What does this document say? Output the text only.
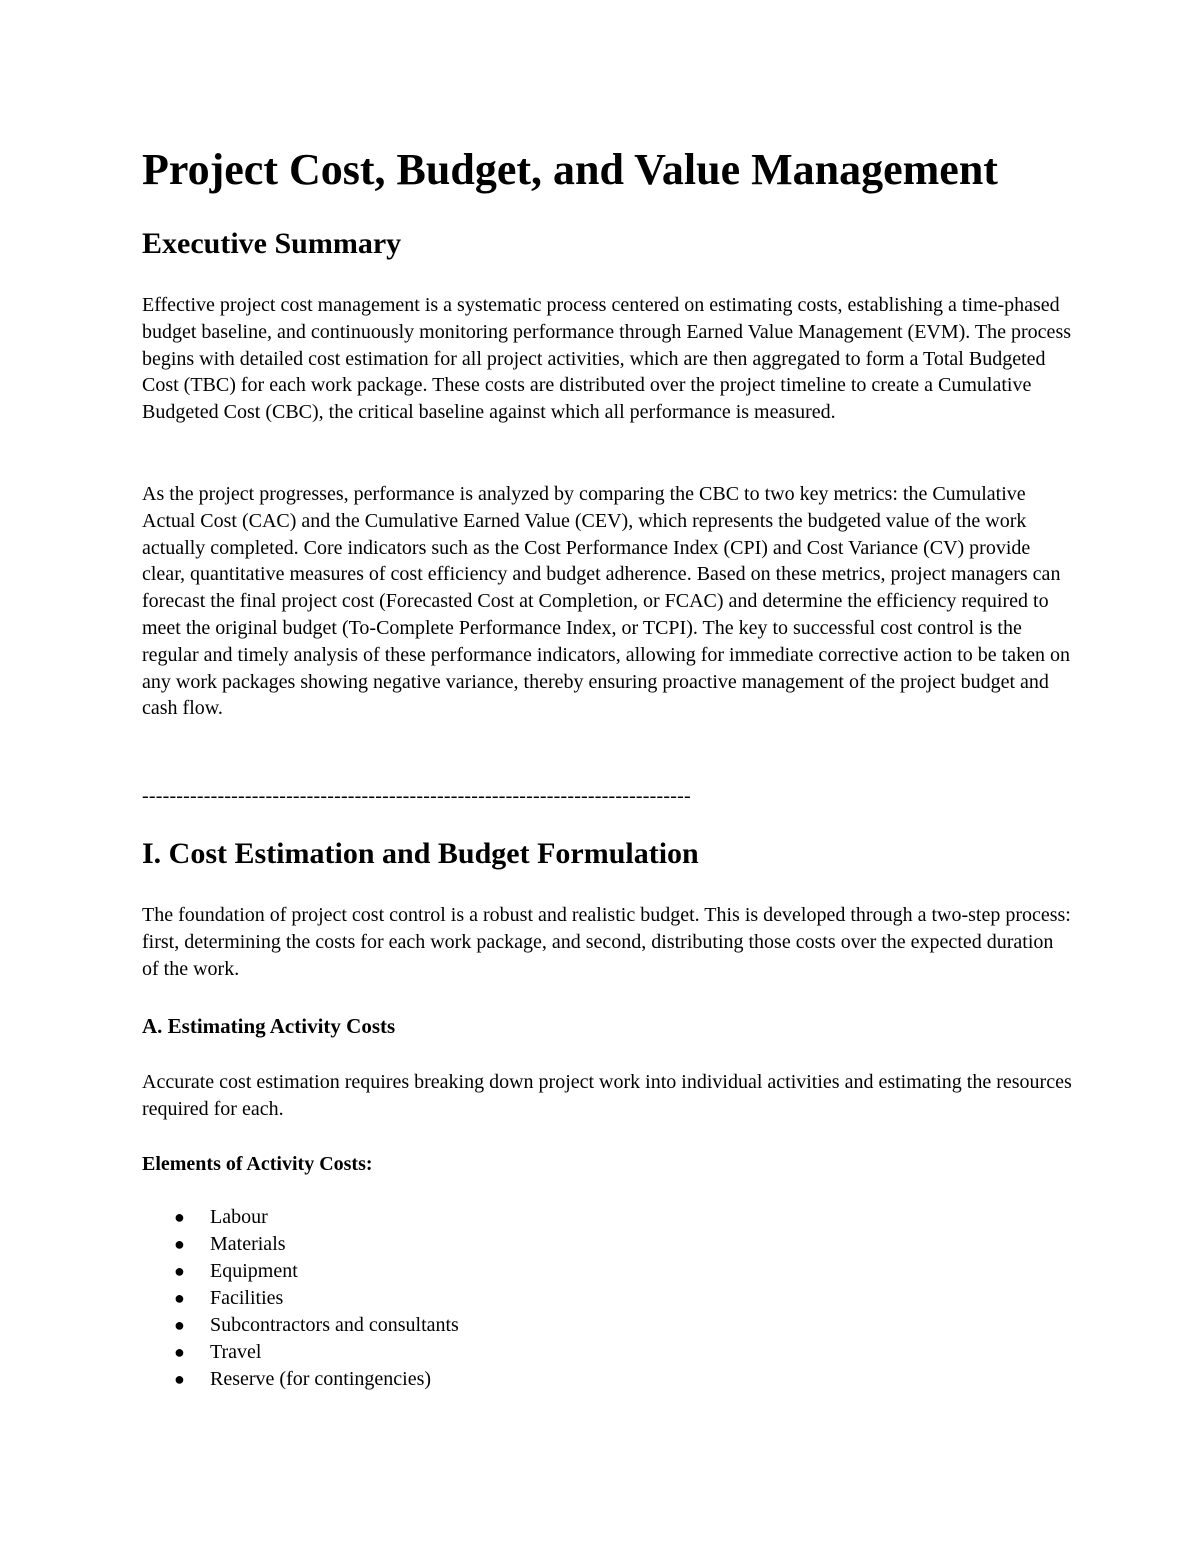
Project Cost, Budget, and Value Management
Executive Summary

Effective project cost management is a systematic process centered on estimating costs, establishing a time-phased budget baseline, and continuously monitoring performance through Earned Value Management (EVM). The process begins with detailed cost estimation for all project activities, which are then aggregated to form a Total Budgeted Cost (TBC) for each work package. These costs are distributed over the project timeline to create a Cumulative Budgeted Cost (CBC), the critical baseline against which all performance is measured.

As the project progresses, performance is analyzed by comparing the CBC to two key metrics: the Cumulative Actual Cost (CAC) and the Cumulative Earned Value (CEV), which represents the budgeted value of the work actually completed. Core indicators such as the Cost Performance Index (CPI) and Cost Variance (CV) provide clear, quantitative measures of cost efficiency and budget adherence. Based on these metrics, project managers can forecast the final project cost (Forecasted Cost at Completion, or FCAC) and determine the efficiency required to meet the original budget (To-Complete Performance Index, or TCPI). The key to successful cost control is the regular and timely analysis of these performance indicators, allowing for immediate corrective action to be taken on any work packages showing negative variance, thereby ensuring proactive management of the project budget and cash flow.

--------------------------------------------------------------------------------

I. Cost Estimation and Budget Formulation

The foundation of project cost control is a robust and realistic budget. This is developed through a two-step process: first, determining the costs for each work package, and second, distributing those costs over the expected duration of the work.

A. Estimating Activity Costs

Accurate cost estimation requires breaking down project work into individual activities and estimating the resources required for each.

Elements of Activity Costs:

● Labour
● Materials
● Equipment
● Facilities
● Subcontractors and consultants
● Travel
● Reserve (for contingencies)
